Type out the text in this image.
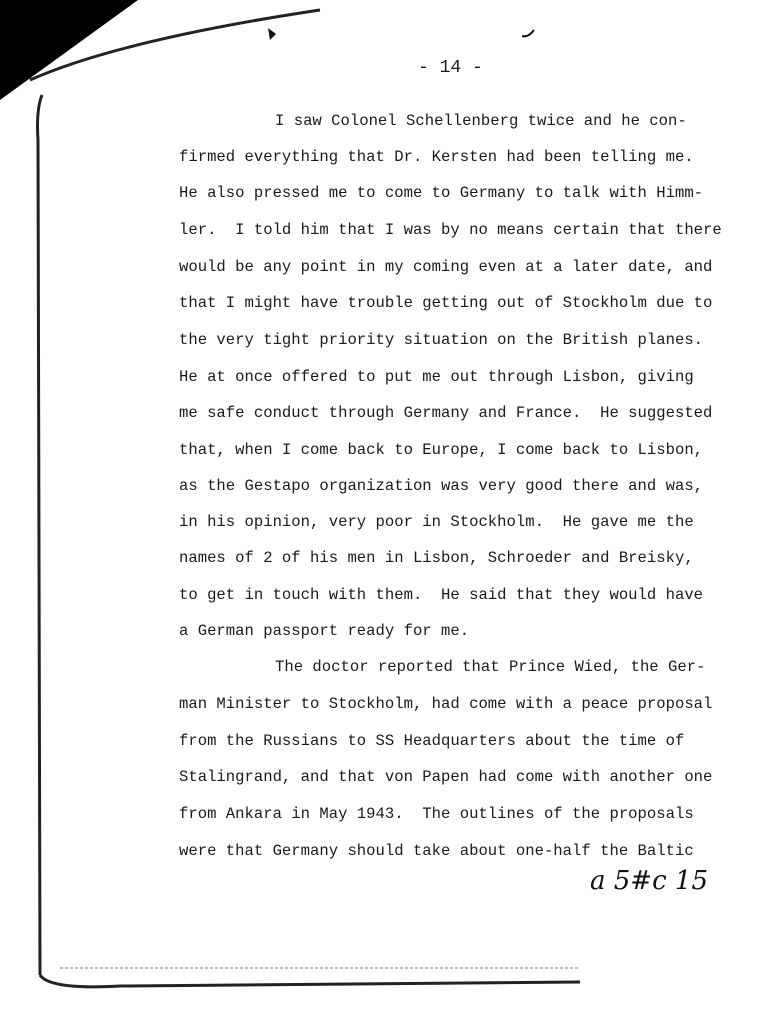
- 14 -
I saw Colonel Schellenberg twice and he con-
firmed everything that Dr. Kersten had been telling me.
He also pressed me to come to Germany to talk with Himm-
ler.  I told him that I was by no means certain that there
would be any point in my coming even at a later date, and
that I might have trouble getting out of Stockholm due to
the very tight priority situation on the British planes.
He at once offered to put me out through Lisbon, giving
me safe conduct through Germany and France.  He suggested
that, when I come back to Europe, I come back to Lisbon,
as the Gestapo organization was very good there and was,
in his opinion, very poor in Stockholm.  He gave me the
names of 2 of his men in Lisbon, Schroeder and Breisky,
to get in touch with them.  He said that they would have
a German passport ready for me.
The doctor reported that Prince Wied, the Ger-
man Minister to Stockholm, had come with a peace proposal
from the Russians to SS Headquarters about the time of
Stalingrand, and that von Papen had come with another one
from Ankara in May 1943.  The outlines of the proposals
were that Germany should take about one-half the Baltic
a 5#c 15
